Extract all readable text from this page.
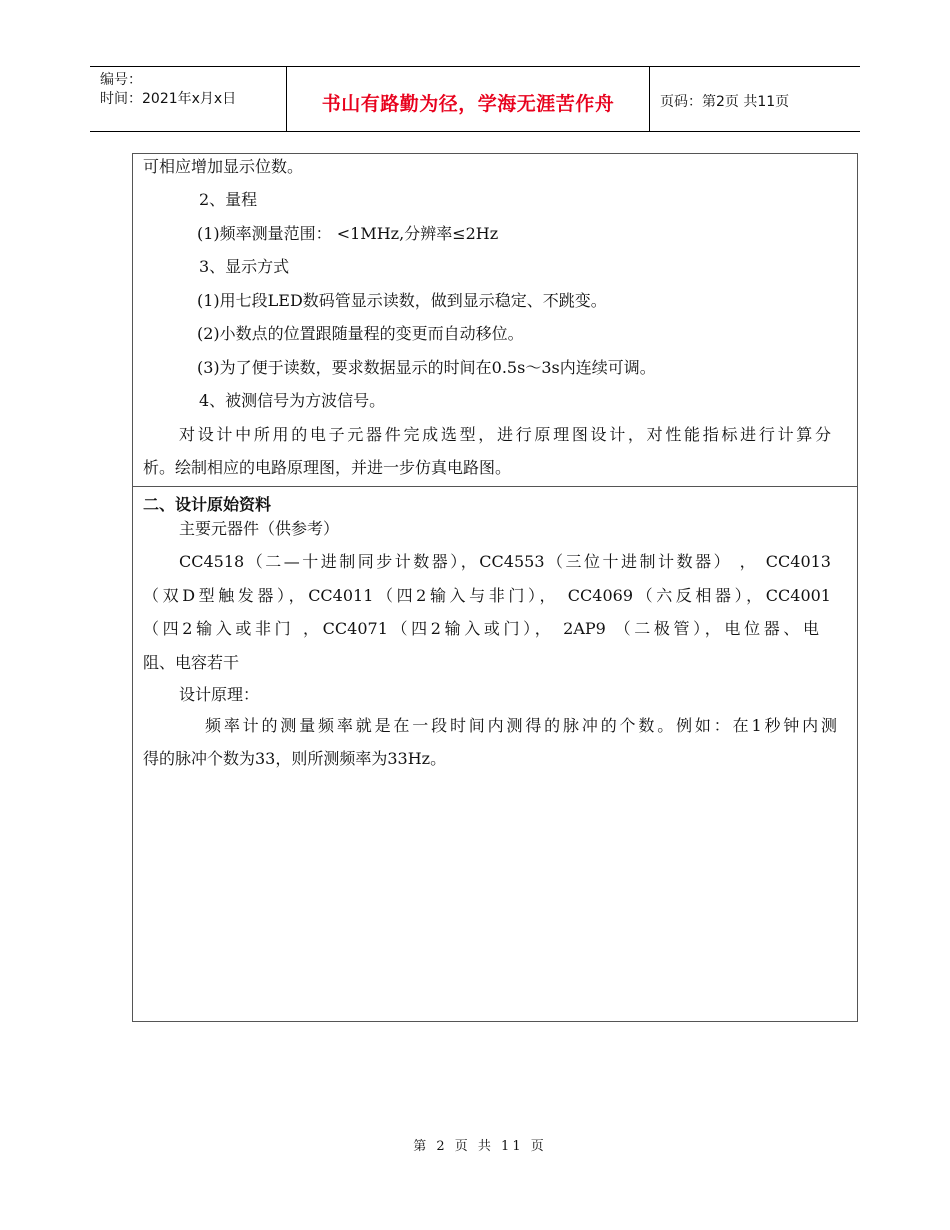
编号：
时间：2021年x月x日	书山有路勤为径，学海无涯苦作舟	页码：第2页 共11页
可相应增加显示位数。
2、量程
(1)频率测量范围： <1MHz,分辨率≤2Hz
3、显示方式
(1)用七段LED数码管显示读数，做到显示稳定、不跳变。
(2)小数点的位置跟随量程的变更而自动移位。
(3)为了便于读数，要求数据显示的时间在0.5s～3s内连续可调。
4、被测信号为方波信号。
对设计中所用的电子元器件完成选型，进行原理图设计，对性能指标进行计算分
析。绘制相应的电路原理图，并进一步仿真电路图。
二、设计原始资料
主要元器件（供参考）
CC4518（二—十进制同步计数器），CC4553（三位十进制计数器） ， CC4013
（双D型触发器），CC4011（四2输入与非门）， CC4069（六反相器），CC4001
（四2输入或非门 ，CC4071（四2输入或门）， 2AP9 （二极管），电位器、电
阻、电容若干
设计原理：
频率计的测量频率就是在一段时间内测得的脉冲的个数。例如：在1秒钟内测
得的脉冲个数为33，则所测频率为33Hz。
第 2 页 共 11 页
